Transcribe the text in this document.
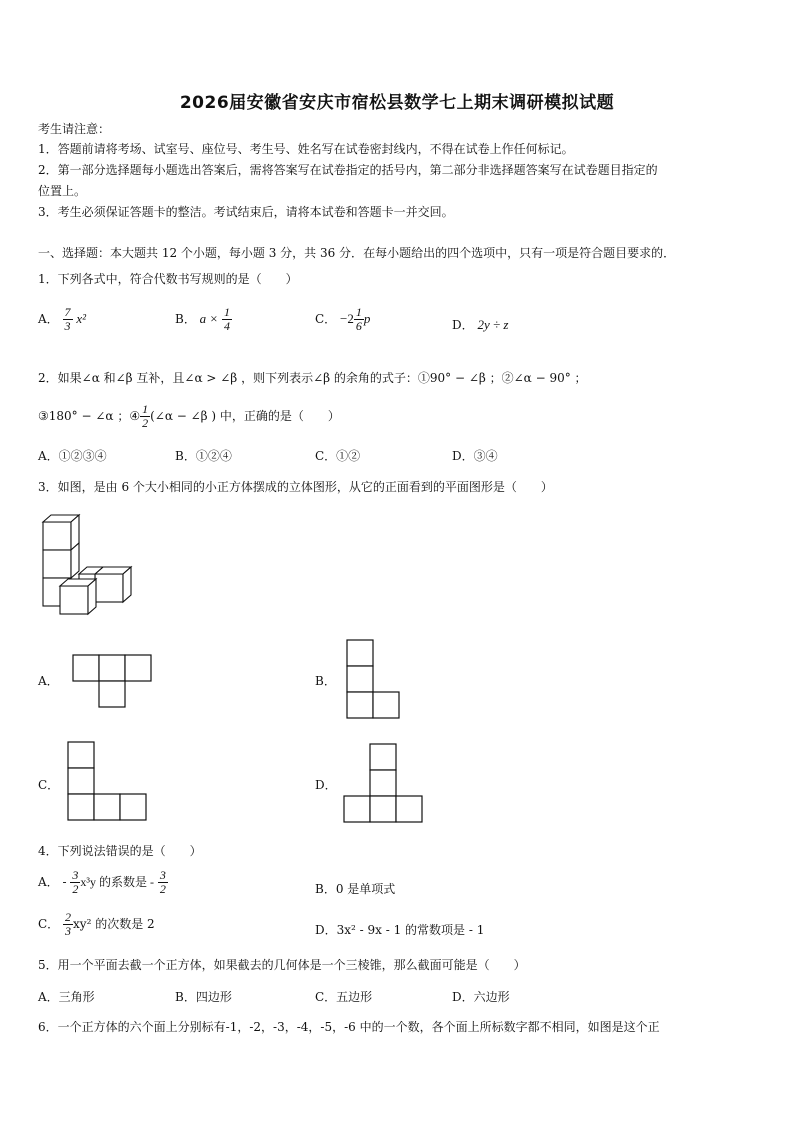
2026届安徽省安庆市宿松县数学七上期末调研模拟试题
考生请注意：
1．答题前请将考场、试室号、座位号、考生号、姓名写在试卷密封线内，不得在试卷上作任何标记。
2．第一部分选择题每小题选出答案后，需将答案写在试卷指定的括号内，第二部分非选择题答案写在试卷题目指定的
位置上。
3．考生必须保证答题卡的整洁。考试结束后，请将本试卷和答题卡一并交回。
一、选择题：本大题共 12 个小题，每小题 3 分，共 36 分．在每小题给出的四个选项中，只有一项是符合题目要求的．
1．下列各式中，符合代数书写规则的是（　　）
A． $\frac{7}{3} x^2$	B． $a \times \frac{1}{4}$	C． $-2 \frac{1}{6}$ p	D． 2y ÷ z
2．如果∠α 和∠β 互补，且∠α > ∠β ，则下列表示∠β 的余角的式子：①90° − ∠β ；②∠α − 90° ；
③180° − ∠α ；④ $\frac{1}{2}$ (∠α − ∠β ) 中，正确的是（　　）
A．①②③④	B．①②④	C．①②	D．③④
3．如图，是由 6 个大小相同的小正方体摆成的立体图形，从它的正面看到的平面图形是（　　）
A．	B．
C．	D．
4．下列说法错误的是（　　）
A． - $\frac{3}{2} x^3y$ 的系数是 - $\frac{3}{2}$	B．0 是单项式
C． $\frac{2}{3} xy^2$ 的次数是 2	D．3x² - 9x - 1 的常数项是 - 1
5．用一个平面去截一个正方体，如果截去的几何体是一个三棱锥，那么截面可能是（　　）
A．三角形	B．四边形	C．五边形	D．六边形
6．一个正方体的六个面上分别标有-1，-2，-3，-4，-5，-6 中的一个数，各个面上所标数字都不相同，如图是这个正
